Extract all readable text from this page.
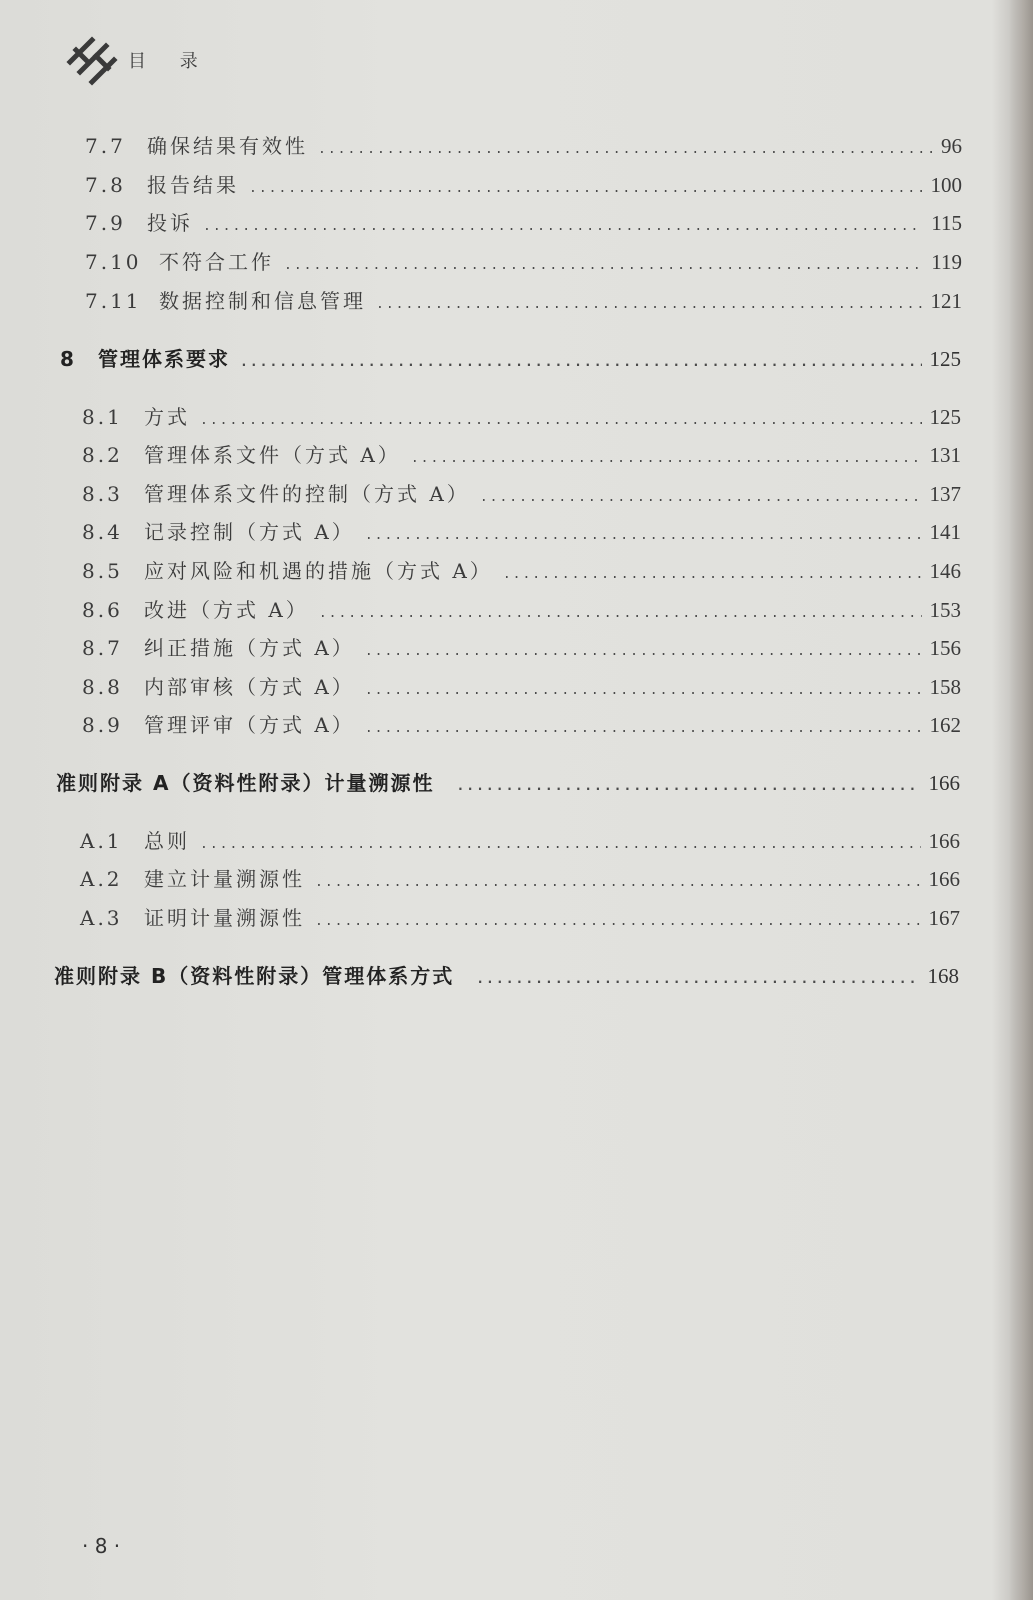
目 录
7.7	确保结果有效性 .....	96
7.8	报告结果 .....	100
7.9	投诉 .....	115
7.10 不符合工作 .....	119
7.11 数据控制和信息管理 .....	121
8	管理体系要求 .....	125
8.1	方式 .....	125
8.2	管理体系文件（方式 A） .....	131
8.3	管理体系文件的控制（方式 A） .....	137
8.4	记录控制（方式 A） .....	141
8.5	应对风险和机遇的措施（方式 A） .....	146
8.6	改进（方式 A） .....	153
8.7	纠正措施（方式 A） .....	156
8.8	内部审核（方式 A） .....	158
8.9	管理评审（方式 A） .....	162
准则附录 A（资料性附录）计量溯源性 .....	166
A.1	总则 .....	166
A.2	建立计量溯源性 .....	166
A.3	证明计量溯源性 .....	167
准则附录 B（资料性附录）管理体系方式 .....	168
· 8 ·
